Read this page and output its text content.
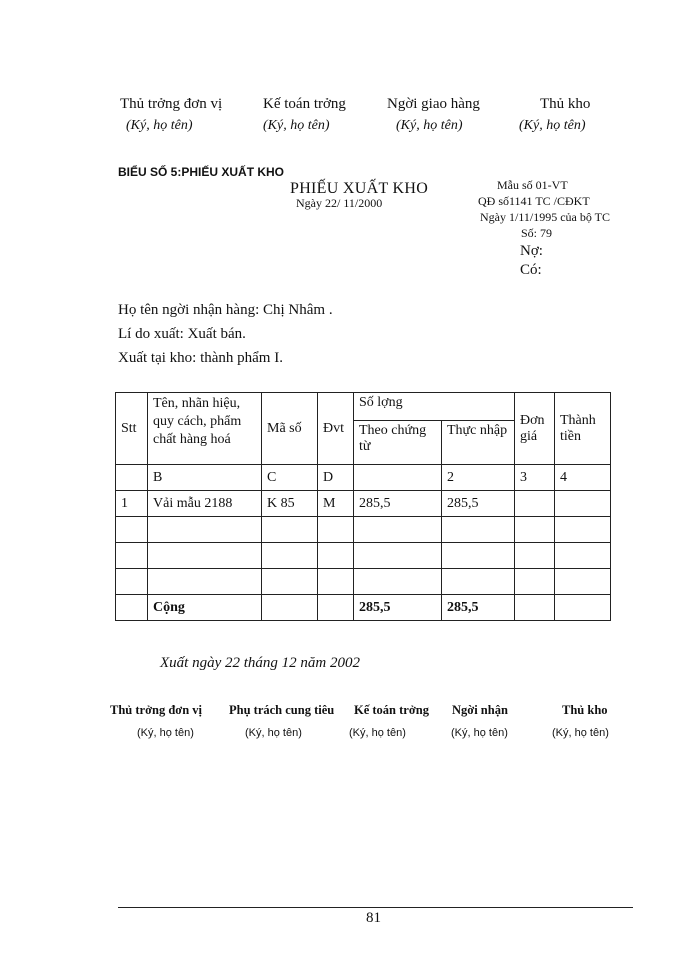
Thủ trởng đơn vị
(Ký, họ tên)
Kế toán trởng
(Ký, họ tên)
Ngời giao hàng
(Ký, họ tên)
Thủ kho
(Ký, họ tên)
BIỂU SỐ 5:PHIẾU XUẤT KHO
PHIẾU XUẤT KHO
Ngày 22/ 11/2000
Mẫu số 01-VT
QĐ số1141 TC /CĐKT
Ngày 1/11/1995 của bộ TC
Số: 79
Nợ:
Có:
Họ tên ngời nhận hàng: Chị Nhâm .
Lí do xuất: Xuất bán.
Xuất tại kho: thành phẩm I.
Stt	Tên, nhãn hiệu, quy cách, phẩm chất hàng hoá	Mã số	Đvt	Số lợng		Đơn giá	Thành tiền
				Theo chứng từ	Thực nhập		
	B	C	D		2	3	4
1	Vải mẫu 2188	K 85	M	285,5	285,5		

	Cộng			285,5	285,5		
Xuất ngày 22 tháng 12 năm 2002
Thủ trởng đơn vị
(Ký, họ tên)
Phụ trách cung tiêu
(Ký, họ tên)
Kế toán trởng
(Ký, họ tên)
Ngời nhận
(Ký, họ tên)
Thủ kho
(Ký, họ tên)
81
